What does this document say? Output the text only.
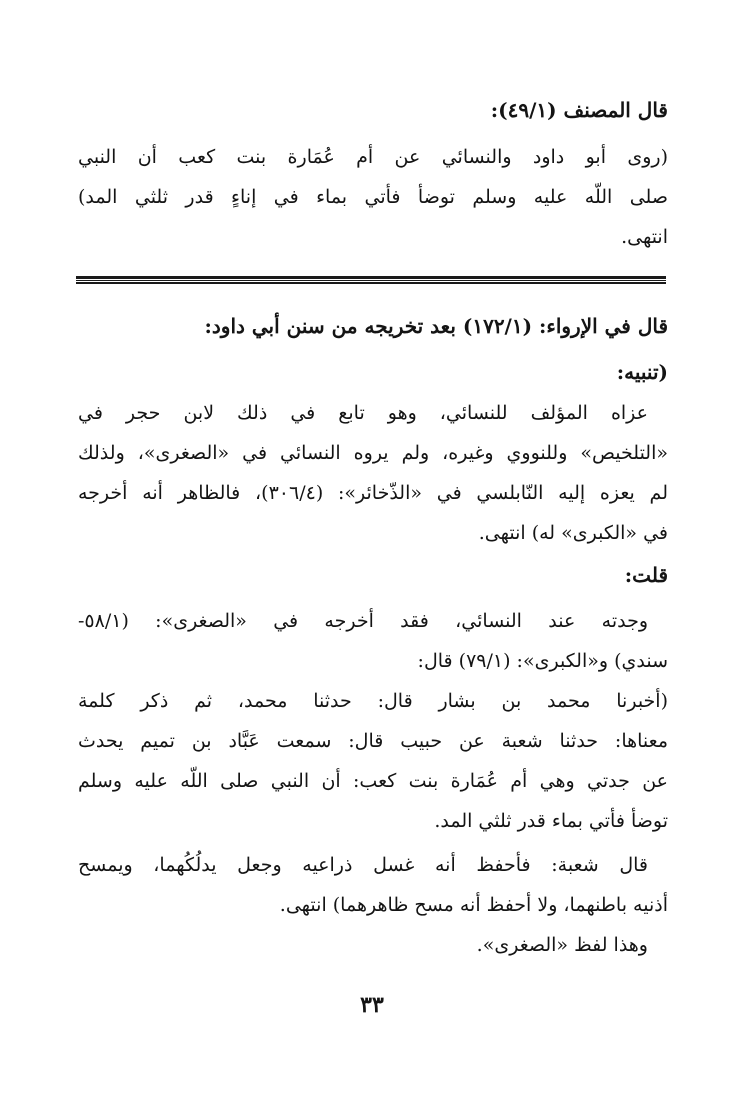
قال المصنف (٤٩/١):
(روى أبو داود والنسائي عن أم عُمَارة بنت كعب أن النبي
صلى اللّه عليه وسلم توضأ فأتي بماء في إناءٍ قدر ثلثي المد)
انتهى.
قال في الإرواء: (١٧٢/١) بعد تخريجه من سنن أبي داود:
(تنبيه:
عزاه المؤلف للنسائي، وهو تابع في ذلك لابن حجر في
«التلخيص» وللنووي وغيره، ولم يروه النسائي في «الصغرى»، ولذلك
لم يعزه إليه النّابلسي في «الذّخائر»: (٣٠٦/٤)، فالظاهر أنه أخرجه
في «الكبرى» له) انتهى.
قلت:
وجدته عند النسائي، فقد أخرجه في «الصغرى»: (٥٨/١-
سندي) و«الكبرى»: (٧٩/١) قال:
(أخبرنا محمد بن بشار قال: حدثنا محمد، ثم ذكر كلمة
معناها: حدثنا شعبة عن حبيب قال: سمعت عَبَّاد بن تميم يحدث
عن جدتي وهي أم عُمَارة بنت كعب: أن النبي صلى اللّه عليه وسلم
توضأ فأتي بماء قدر ثلثي المد.
قال شعبة: فأحفظ أنه غسل ذراعيه وجعل يدلُكُهما، ويمسح
أذنيه باطنهما، ولا أحفظ أنه مسح ظاهرهما) انتهى.
وهذا لفظ «الصغرى».
٣٣
